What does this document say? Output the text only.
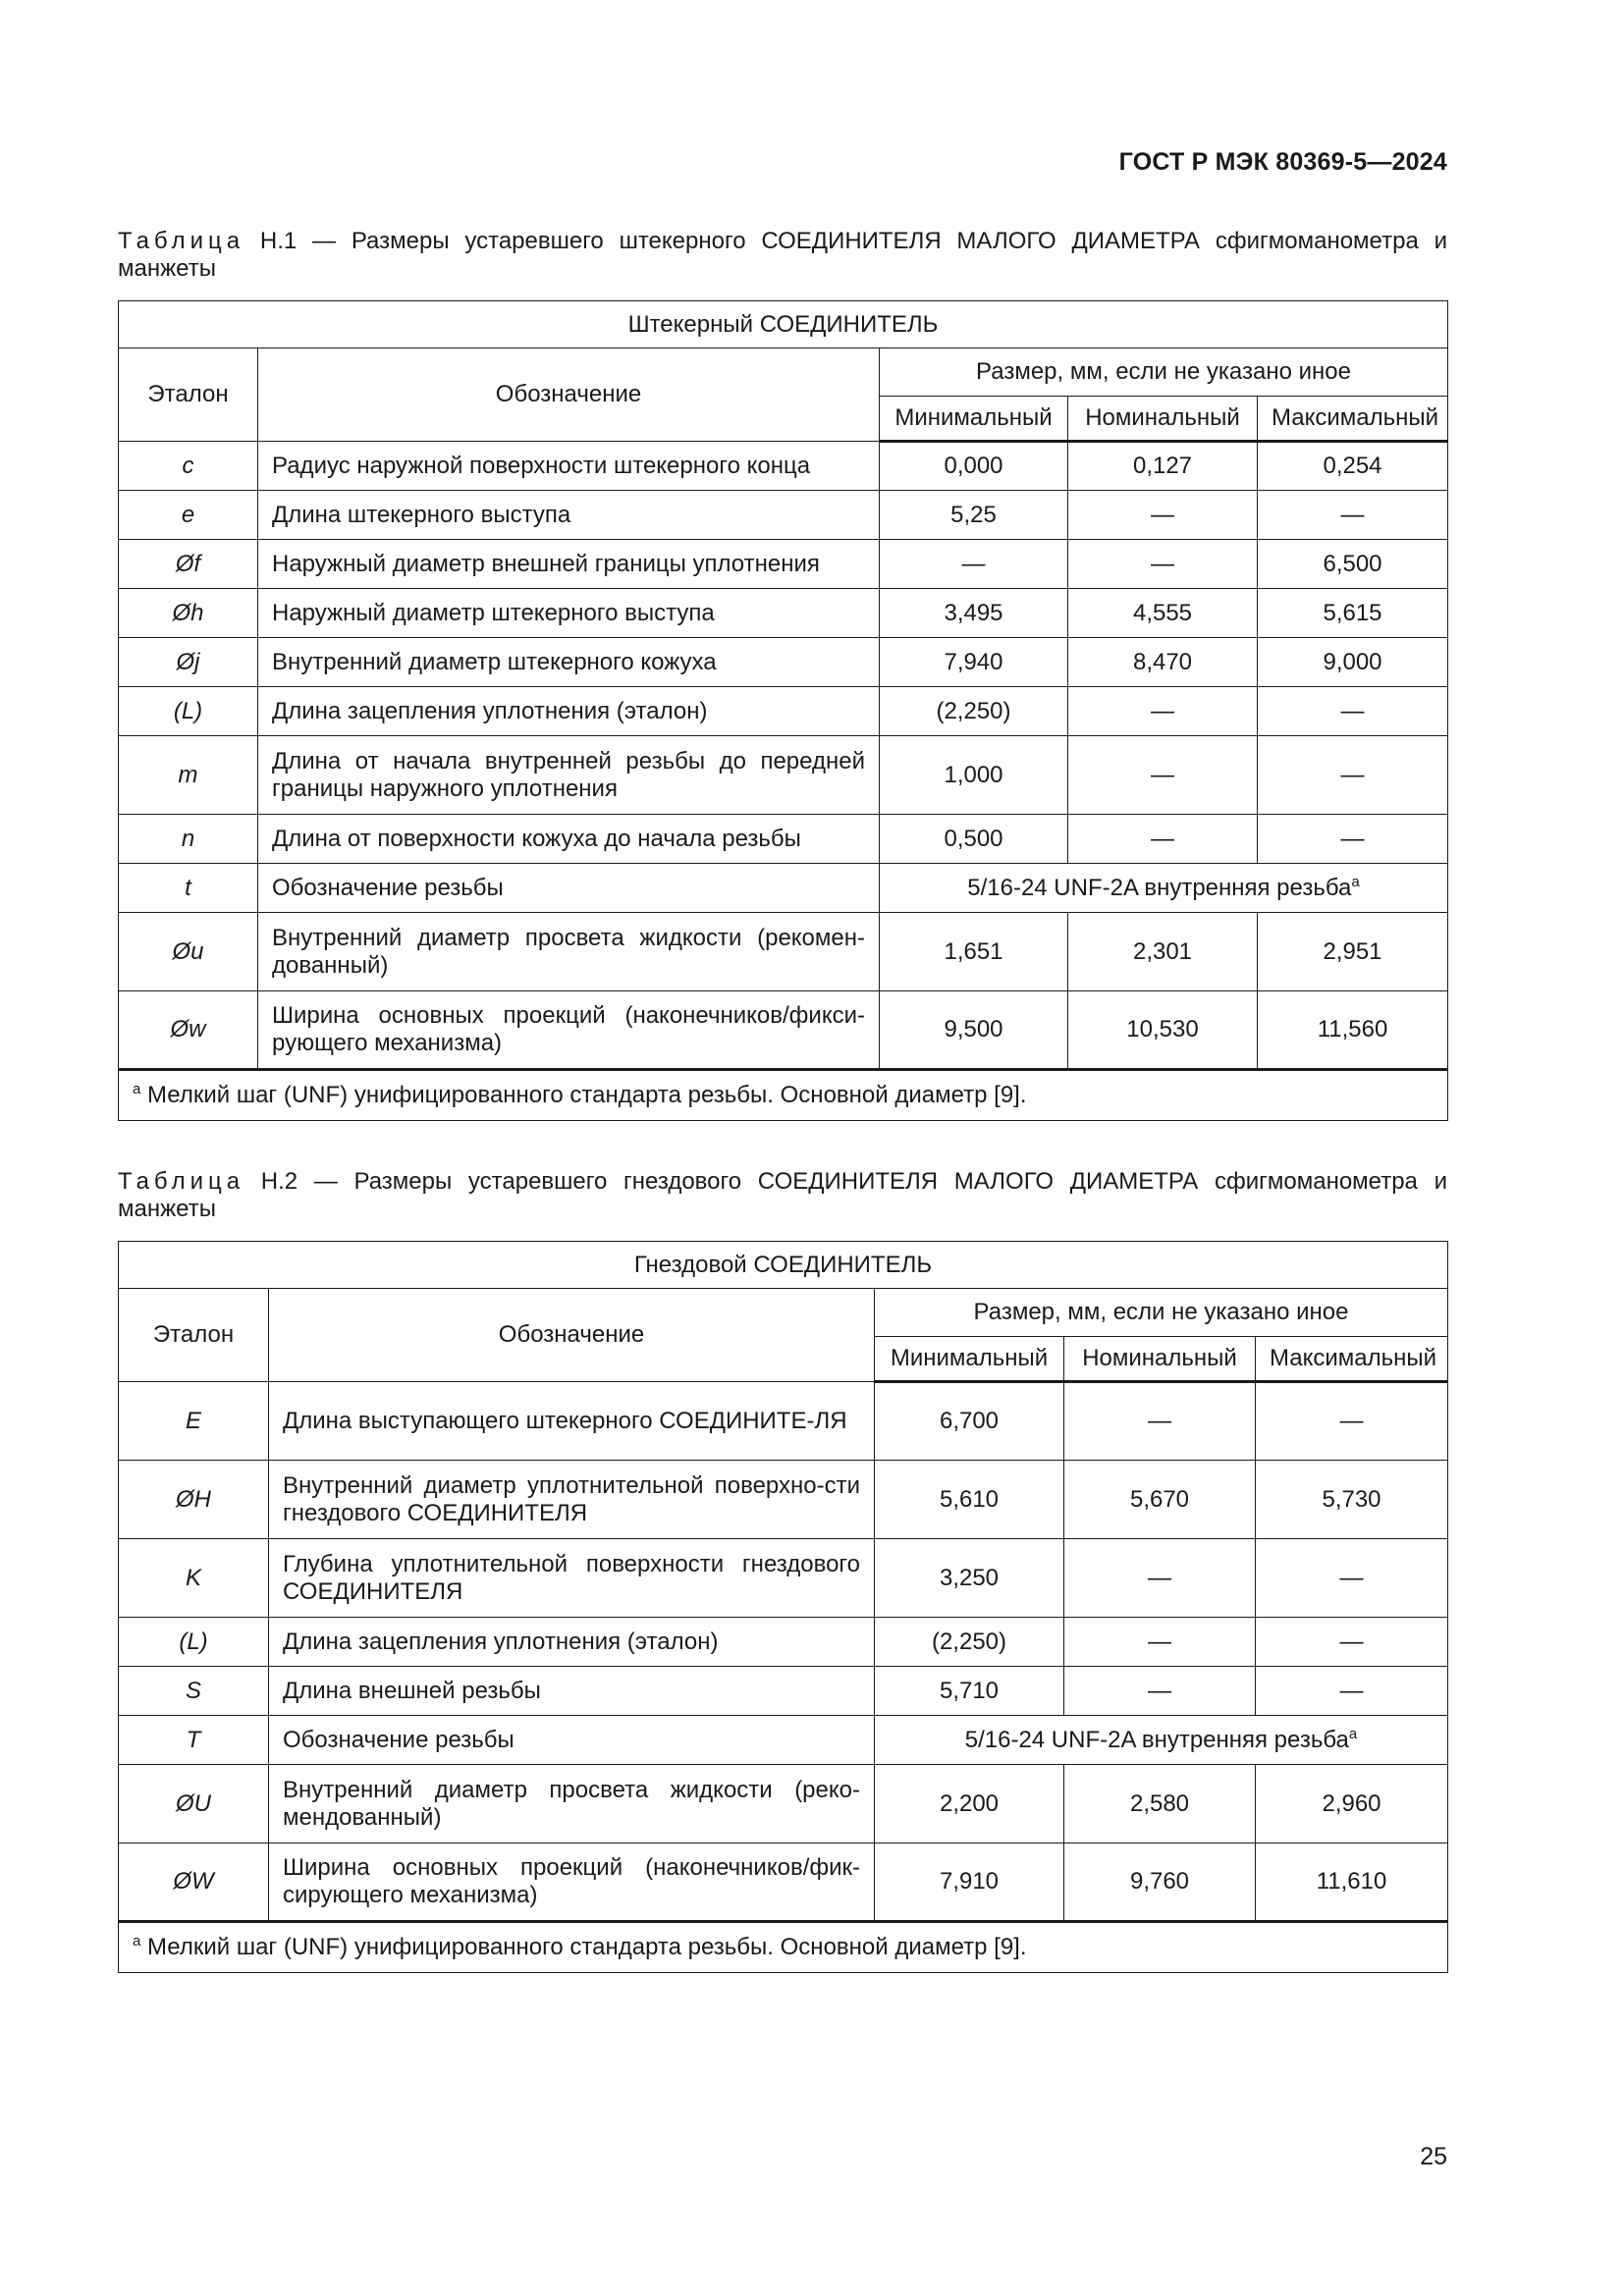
ГОСТ Р МЭК 80369-5—2024
Таблица H.1 — Размеры устаревшего штекерного СОЕДИНИТЕЛЯ МАЛОГО ДИАМЕТРА сфигмоманометра и манжеты
Штекерный СОЕДИНИТЕЛЬ				
Эталон	Обозначение	Размер, мм, если не указано иное		
		Минимальный	Номинальный	Максимальный
c	Радиус наружной поверхности штекерного конца	0,000	0,127	0,254
e	Длина штекерного выступа	5,25	—	—
Øf	Наружный диаметр внешней границы уплотнения	—	—	6,500
Øh	Наружный диаметр штекерного выступа	3,495	4,555	5,615
Øj	Внутренний диаметр штекерного кожуха	7,940	8,470	9,000
(L)	Длина зацепления уплотнения (эталон)	(2,250)	—	—
m	Длина от начала внутренней резьбы до передней границы наружного уплотнения	1,000	—	—
n	Длина от поверхности кожуха до начала резьбы	0,500	—	—
t	Обозначение резьбы	5/16-24 UNF-2A внутренняя резьба$^a$
Øu	Внутренний диаметр просвета жидкости (рекомен-дованный)	1,651	2,301	2,951
Øw	Ширина основных проекций (наконечников/фикси-рующего механизма)	9,500	10,530	11,560
$^a$ Мелкий шаг (UNF) унифицированного стандарта резьбы. Основной диаметр [9].				
Таблица H.2 — Размеры устаревшего гнездового СОЕДИНИТЕЛЯ МАЛОГО ДИАМЕТРА сфигмоманометра и манжеты
Гнездовой СОЕДИНИТЕЛЬ				
Эталон	Обозначение	Размер, мм, если не указано иное		
		Минимальный	Номинальный	Максимальный
E	Длина выступающего штекерного СОЕДИНИТЕ-ЛЯ	6,700	—	—
ØH	Внутренний диаметр уплотнительной поверхно-сти гнездового СОЕДИНИТЕЛЯ	5,610	5,670	5,730
K	Глубина уплотнительной поверхности гнездового СОЕДИНИТЕЛЯ	3,250	—	—
(L)	Длина зацепления уплотнения (эталон)	(2,250)	—	—
S	Длина внешней резьбы	5,710	—	—
T	Обозначение резьбы	5/16-24 UNF-2A внутренняя резьба$^a$
ØU	Внутренний диаметр просвета жидкости (реко-мендованный)	2,200	2,580	2,960
ØW	Ширина основных проекций (наконечников/фик-сирующего механизма)	7,910	9,760	11,610
$^a$ Мелкий шаг (UNF) унифицированного стандарта резьбы. Основной диаметр [9].				
25
